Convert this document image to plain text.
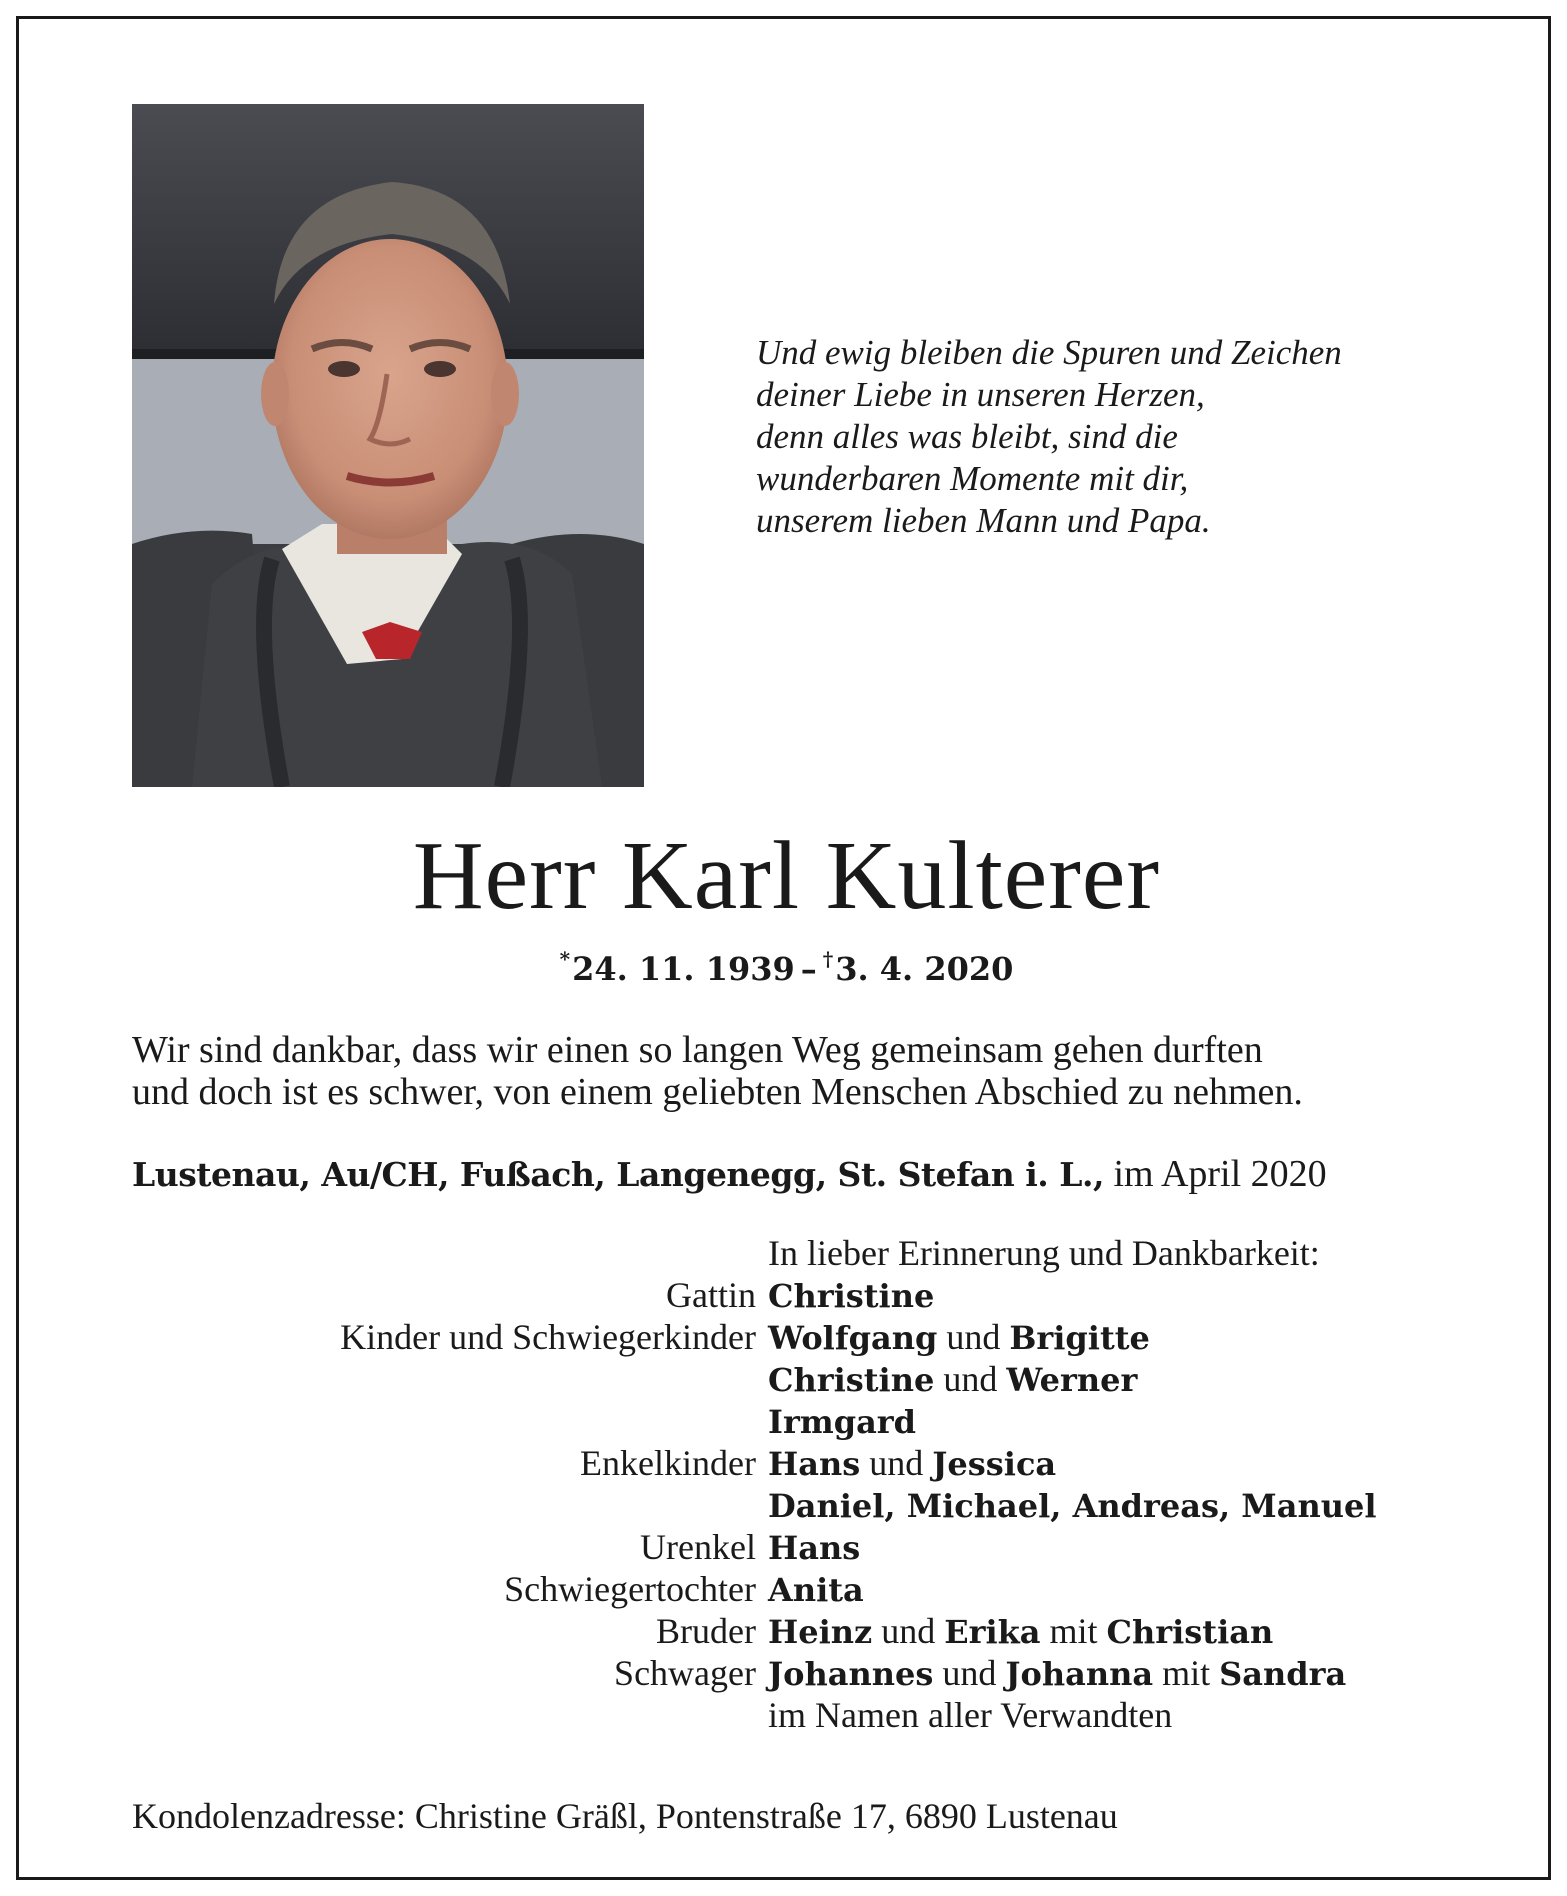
Und ewig bleiben die Spuren und Zeichen
deiner Liebe in unseren Herzen,
denn alles was bleibt, sind die
wunderbaren Momente mit dir,
unserem lieben Mann und Papa.
Herr Karl Kulterer
*24. 11. 1939 – †3. 4. 2020
Wir sind dankbar, dass wir einen so langen Weg gemeinsam gehen durften
und doch ist es schwer, von einem geliebten Menschen Abschied zu nehmen.
Lustenau, Au/CH, Fußach, Langenegg, St. Stefan i. L., im April 2020
In lieber Erinnerung und Dankbarkeit:
Gattin Christine
Kinder und Schwiegerkinder Wolfgang und Brigitte
Christine und Werner
Irmgard
Enkelkinder Hans und Jessica
Daniel, Michael, Andreas, Manuel
Urenkel Hans
Schwiegertochter Anita
Bruder Heinz und Erika mit Christian
Schwager Johannes und Johanna mit Sandra
im Namen aller Verwandten
Kondolenzadresse: Christine Gräßl, Pontenstraße 17, 6890 Lustenau
